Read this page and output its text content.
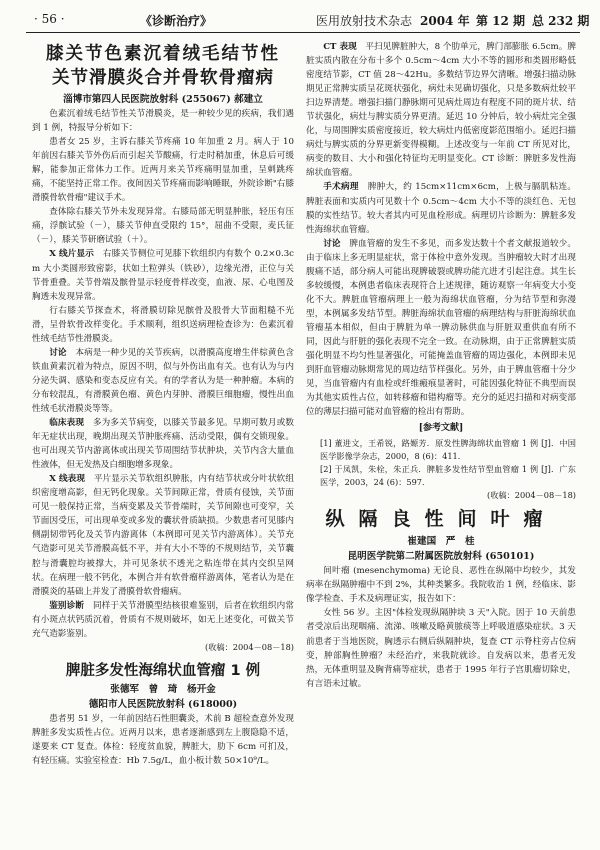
· 56 ·	《诊断治疗》	医用放射技术杂志 2004 年 第 12 期 总 232 期
膝关节色素沉着绒毛结节性
关节滑膜炎合并骨软骨瘤病
淄博市第四人民医院放射科 (255067) 郝建立

色素沉着绒毛结节性关节滑膜炎，是一种较少见的疾病，我们遇到 1 例，特报导分析如下：

患者女 25 岁，主诉右膝关节疼痛 10 年加重 2 月。病人于 10 年前因右膝关节外伤后而引起关节酸痛，行走时稍加重，休息后可缓解，能参加正常体力工作。近两月来关节疼痛明显加重，呈刺跳疼痛，不能坚持正常工作。夜间因关节疼痛而影响睡眠，外院诊断"右膝滑膜骨软骨瘤"建议手术。

查体除右膝关节外未发现异常。右膝局部无明显肿胀，轻压有压痛，浮髌试验（－），膝关节伸直受限约 15°，屈曲不受限，麦氏征（－），膝关节研磨试验（＋）。

X 线片显示　 右膝关节侧位可见膝下软组织内有数个 0.2×0.3cm 大小类圆形致密影，状如土粒弹头（铁砂），边缘光滑，正位与关节骨重叠。关节骨端及髌骨显示轻度骨样改变，血液、尿、心电图及胸透未发现异常。

行右膝关节探查术，将滑膜切除见髌骨及股骨大节面粗糙不光滑，呈骨软骨改样变化。手术顺利，组织送病理检查诊为：色素沉着性绒毛结节性滑膜炎。

讨论　 本病是一种少见的关节疾病，以滑膜高度增生伴棕黄色含铁血黄素沉着为特点，原因不明，似与外伤出血有关。也有认为与内分泌失调、感染和变态反应有关。有的学者认为是一种肿瘤。本病的分布较混乱，有滑膜黄色瘤、黄色内芽肿、滑膜巨细胞瘤，慢性出血性绒毛状滑膜炎等等。

临床表现　 多为多关节病变，以膝关节最多见。早期可数月或数年无症状出现，晚期出现关节肿胀疼痛、活动受限，偶有交锁现象。也可出现关节内游离体或出现关节周围结节状肿块，关节内含大量血性液体，但无发热及白细胞增多现象。

X 线表现　 平片显示关节软组织肿胀，内有结节状或分叶状软组织密度增高影，但无钙化现象。关节间隙正常，骨质有侵蚀，关节面可见一般保持正常，当病变累及关节骨端时，关节间隙也可变窄，关节面因受压，可出现单变或多发的囊状骨质缺损。少数患者可见膝内侧副韧带钙化及关节内游离体（本例即可见关节内游离体）。关节充气造影可见关节滑膜高低不平，并有大小不等的不规则结节，关节囊腔与滑囊腔均被撑大，并可见条状不透光之粘连带在其内交织呈网状。在病理一般不钙化，本例合并有软骨瘤样游离体，笔者认为是在滑膜炎的基础上并发了滑膜骨软骨瘤病。

鉴别诊断　 同样于关节滑膜型结核很难鉴别，后者在软组织内常有小斑点状钙质沉着，骨质有不规则破坏，如无上述变化，可做关节充气造影鉴别。

(收稿：2004－08－18)
脾脏多发性海绵状血管瘤 1 例
张德军　曾　琦　杨开金
德阳市人民医院放射科 (618000)

患者男 51 岁，一年前因结石性胆囊炎，术前 B 超检查意外发现脾脏多发实质性占位。近两月以来，患者逐渐感到左上腹隐隐不适，遂要来 CT 复查。体检：轻度贫血貌，脾脏大，肋下 6cm 可扪及，有轻压痛。实验室检查：Hb 7.5g/L，血小板计数 50×10⁹/L。

CT 表现　 平扫见脾脏肿大，8 个肋单元，脾门部膨胀 6.5cm。脾脏实质内散在分布十多个 0.5cm～4cm 大小不等的圆形和类圆形略低密度结节影，CT 值 28～42Hu。多数结节边界欠清晰。增强扫描动脉期见正常脾实质呈花斑状强化，病灶未见确切强化，只是多数病灶较平扫边界清楚。增强扫描门静脉期可见病灶周边有程度不同的斑片状、结节状强化，病灶与脾实质分界更清。延迟 10 分钟后，较小病灶完全强化，与周围脾实质密度接近，较大病灶内低密度影范围缩小。延迟扫描病灶与脾实质的分界更新变得模糊。上述改变与一年前 CT 所见对比，病变的数目、大小和强化特征均无明显变化。CT 诊断：脾脏多发性海绵状血管瘤。

手术病理　 脾肿大，约 15cm×11cm×6cm，上极与膈肌粘连。脾脏表面和实质内可见数十个 0.5cm～4cm 大小不等的淡红色、无包膜的实性结节。较大者其内可见血栓形成。病理切片诊断为：脾脏多发性海绵状血管瘤。

讨论　 脾血管瘤的发生不多见，而多发达数十个者文献报道较少。由于临床上多无明显症状，常于体检中意外发现。当肿瘤较大时才出现腹痛不适，部分病人可能出现脾破裂或脾功能亢进才引起注意。其生长多较缓慢，本例患者临床表现符合上述规律，随访观察一年病变大小变化不大。脾脏血管瘤病理上一般为海绵状血管瘤，分为结节型和弥漫型，本例属多发结节型。脾脏海绵状血管瘤的病理结构与肝脏海绵状血管瘤基本相似，但由于脾脏为单一脾动脉供血与肝脏双重供血有所不同，因此与肝脏的强化表现不完全一致。在动脉期，由于正常脾脏实质强化明显不均匀性显著强化，可能掩盖血管瘤的周边强化，本例即未见到肝血管瘤动脉期常见的周边结节样强化。另外，由于脾血管瘤十分少见，当血管瘤内有血栓或纤维瘢痕显著时，可能因强化特征不典型而误为其他实质性占位，如转移瘤和错构瘤等。充分的延迟扫描和对病变部位的薄层扫描可能对血管瘤的检出有帮助。

[参考文献]

[1] 董进文，王希锐，路嫄芳．原发性脾海绵状血管瘤 1 例 [J]．中国医学影像学杂志，2000，8 (6)：411．

[2] 于凤凯，朱栓，朱正兵．脾脏多发性结节型血管瘤 1 例 [J]．广东医学，2003，24 (6)：597．

(收稿：2004－08－18)
纵隔良性间叶瘤
崔建国　严　桂
昆明医学院第二附属医院放射科 (650101)

间叶瘤 (mesenchymoma) 无论良、恶性在纵隔中均较少，其发病率在纵隔肿瘤中不到 2%，其种类繁多。我院收治 1 例，经临床、影像学检查、手术及病理证实，报告如下：

女性 56 岁。主因"体检发现纵隔肿块 3 天"入院。因于 10 天前患者受凉后出现咽痛、流涕、咳嗽及略黄脓痰等上呼吸道感染症状。3 天前患者于当地医院，胸透示右侧后纵隔肿块，复查 CT 示脊柱旁占位病变，肿部胸性肿瘤？未经治疗，来我院就诊。自发病以来，患者无发热，无体重明显及胸背痛等症状，患者于 1995 年行子宫肌瘤切除史，有言语未过敏。
